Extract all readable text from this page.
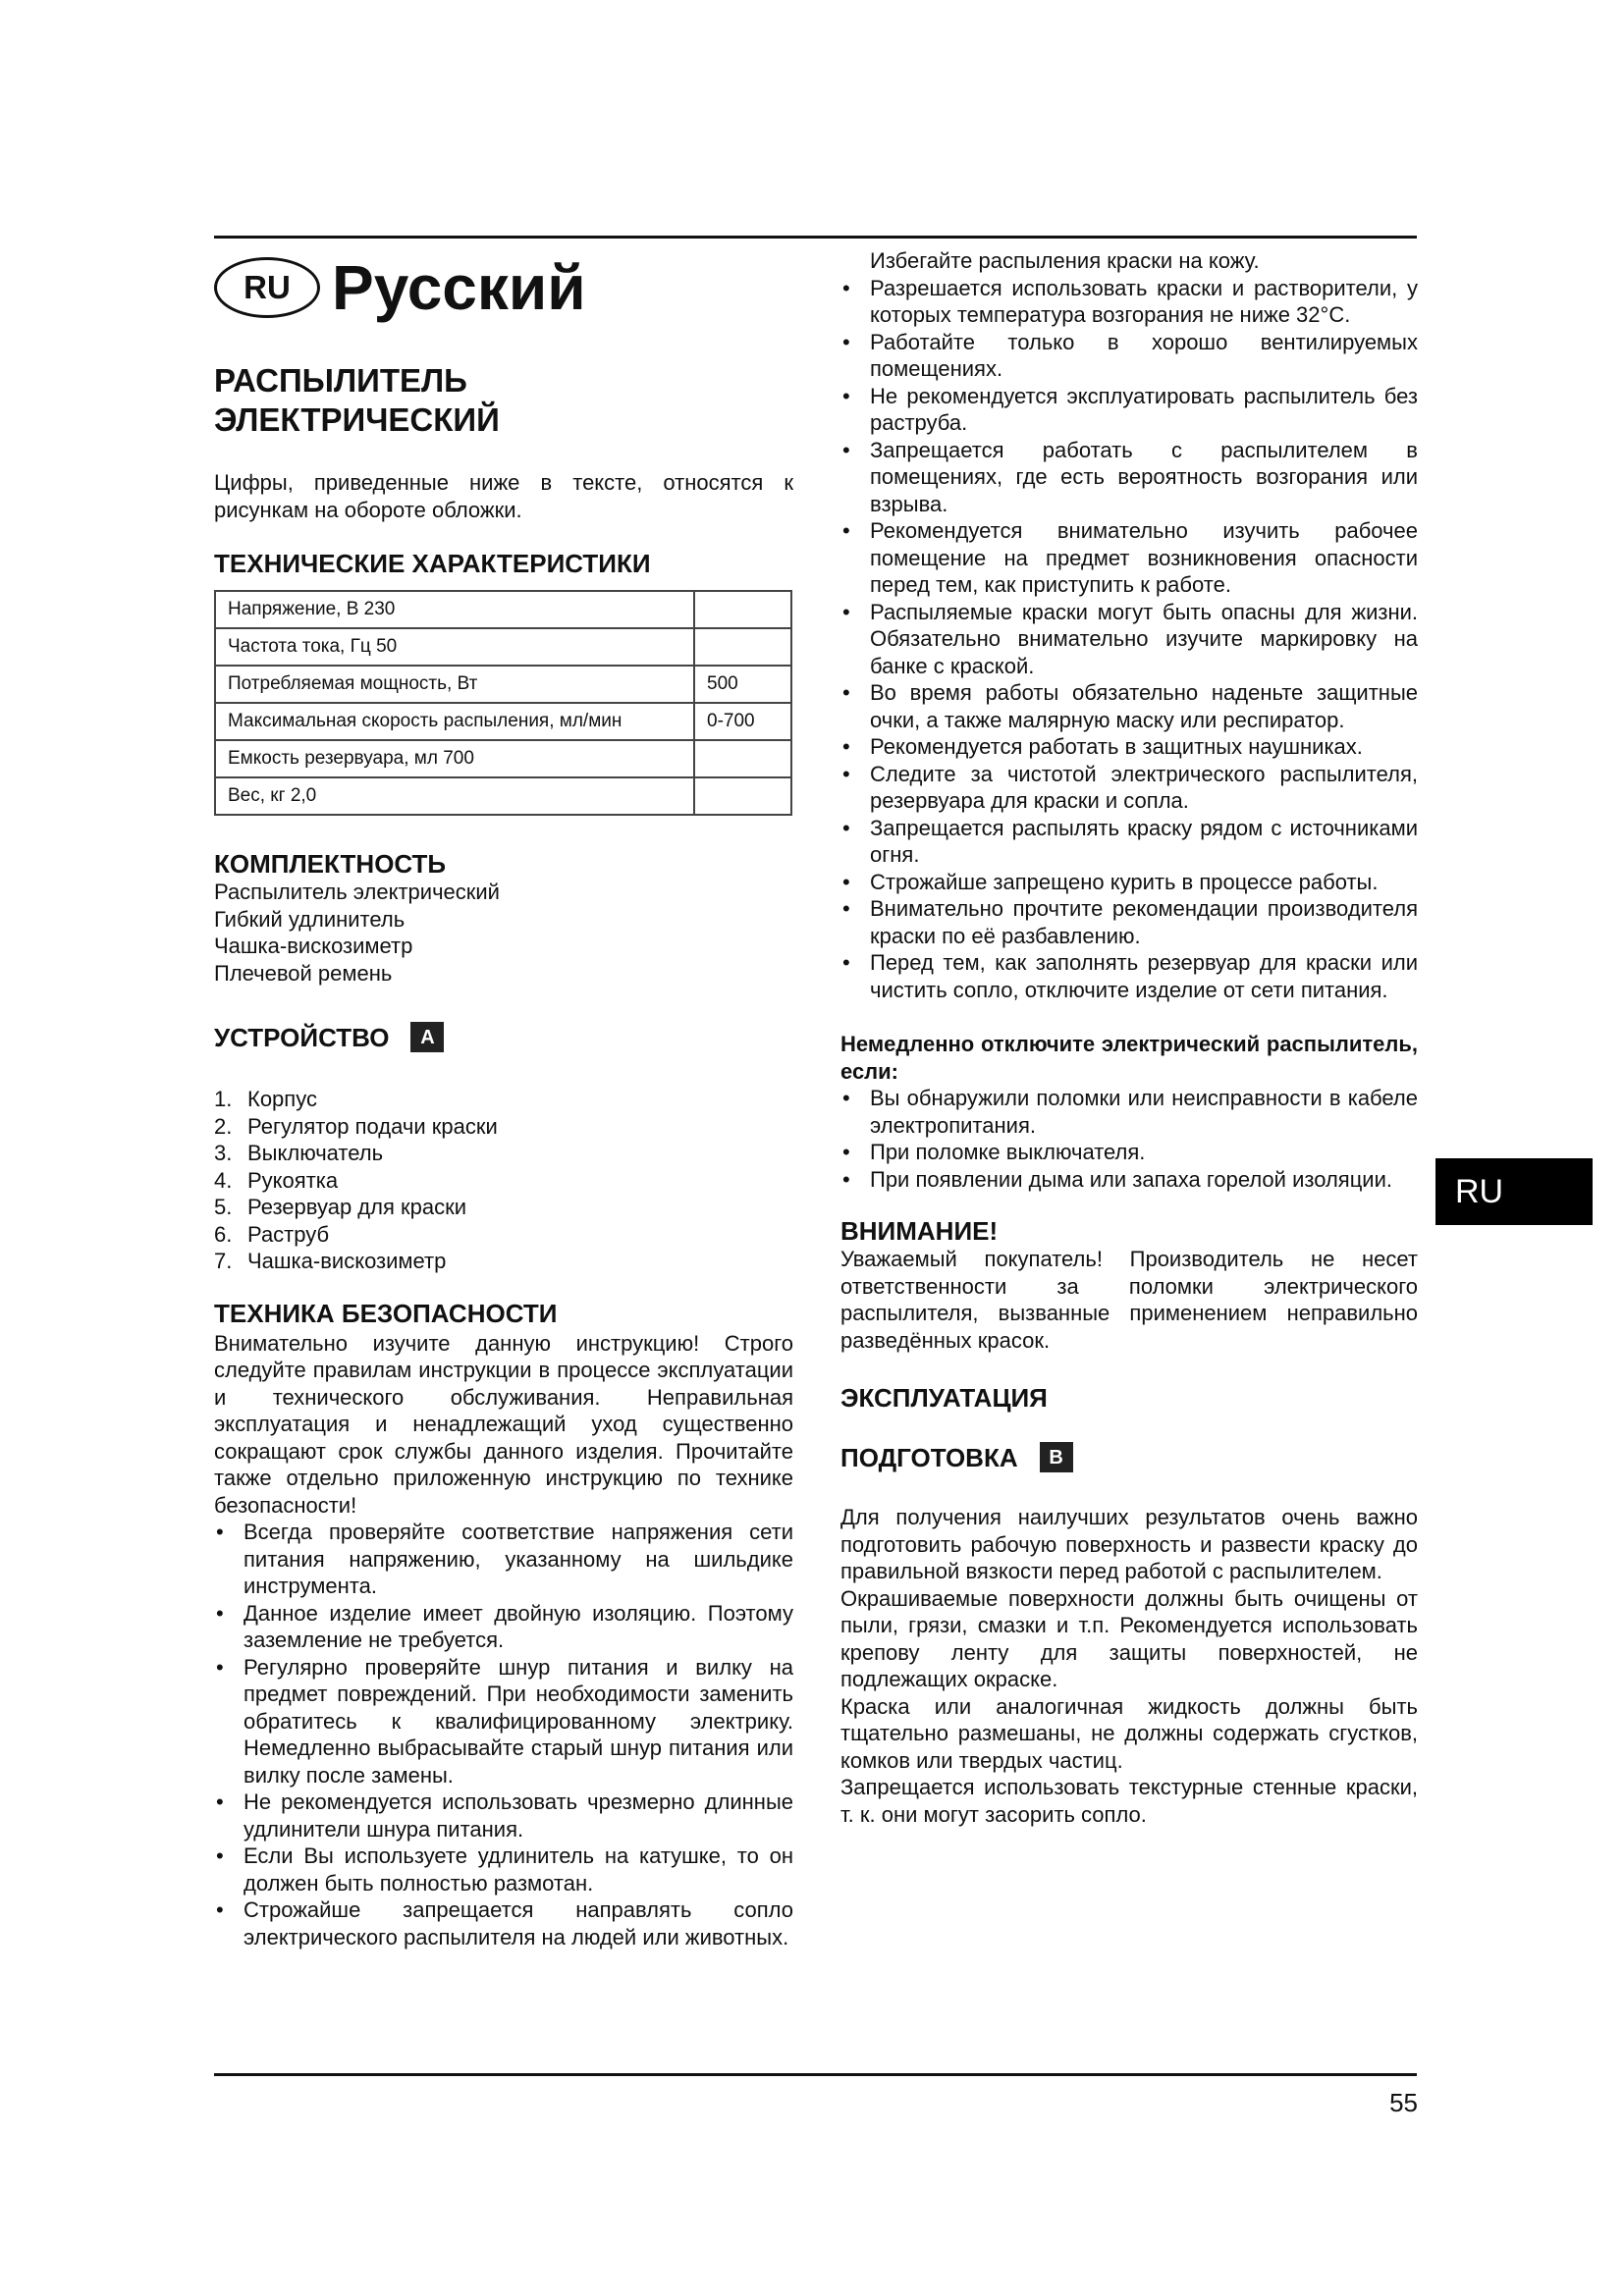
RU Русский
РАСПЫЛИТЕЛЬ
ЭЛЕКТРИЧЕСКИЙ

Цифры, приведенные ниже в тексте, относятся к рисункам на обороте обложки.

ТЕХНИЧЕСКИЕ ХАРАКТЕРИСТИКИ
Напряжение, В 230	
Частота тока, Гц 50	
Потребляемая мощность, Вт	500
Максимальная скорость распыления, мл/мин	0-700
Емкость резервуара, мл 700	
Вес, кг 2,0	
КОМПЛЕКТНОСТЬ
Распылитель электрический
Гибкий удлинитель
Чашка-вискозиметр
Плечевой ремень
УСТРОЙСТВО	A
1. Корпус
2. Регулятор подачи краски
3. Выключатель
4. Рукоятка
5. Резервуар для краски
6. Раструб
7. Чашка-вискозиметр
ТЕХНИКА БЕЗОПАСНОСТИ

Внимательно изучите данную инструкцию! Строго следуйте правилам инструкции в процессе эксплуатации и технического обслуживания. Неправильная эксплуатация и ненадлежащий уход существенно сокращают срок службы данного изделия. Прочитайте также отдельно приложенную инструкцию по технике безопасности!

• Всегда проверяйте соответствие напряжения сети питания напряжению, указанному на шильдике инструмента.
• Данное изделие имеет двойную изоляцию. Поэтому заземление не требуется.
• Регулярно проверяйте шнур питания и вилку на предмет повреждений. При необходимости заменить обратитесь к квалифицированному электрику. Немедленно выбрасывайте старый шнур питания или вилку после замены.
• Не рекомендуется использовать чрезмерно длинные удлинители шнура питания.
• Если Вы используете удлинитель на катушке, то он должен быть полностью размотан.
• Строжайше запрещается направлять сопло электрического распылителя на людей или животных.
Избегайте распыления краски на кожу.
• Разрешается использовать краски и растворители, у которых температура возгорания не ниже 32°C.
• Работайте только в хорошо вентилируемых помещениях.
• Не рекомендуется эксплуатировать распылитель без раструба.
• Запрещается работать с распылителем в помещениях, где есть вероятность возгорания или взрыва.
• Рекомендуется внимательно изучить рабочее помещение на предмет возникновения опасности перед тем, как приступить к работе.
• Распыляемые краски могут быть опасны для жизни. Обязательно внимательно изучите маркировку на банке с краской.
• Во время работы обязательно наденьте защитные очки, а также малярную маску или респиратор.
• Рекомендуется работать в защитных наушниках.
• Следите за чистотой электрического распылителя, резервуара для краски и сопла.
• Запрещается распылять краску рядом с источниками огня.
• Строжайше запрещено курить в процессе работы.
• Внимательно прочтите рекомендации производителя краски по её разбавлению.
• Перед тем, как заполнять резервуар для краски или чистить сопло, отключите изделие от сети питания.
Немедленно отключите электрический распылитель, если:
• Вы обнаружили поломки или неисправности в кабеле электропитания.
• При поломке выключателя.
• При появлении дыма или запаха горелой изоляции.
ВНИМАНИЕ!

Уважаемый покупатель! Производитель не несет ответственности за поломки электрического распылителя, вызванные применением неправильно разведённых красок.

ЭКСПЛУАТАЦИЯ
ПОДГОТОВКА	B

Для получения наилучших результатов очень важно подготовить рабочую поверхность и развести краску до правильной вязкости перед работой с распылителем.

Окрашиваемые поверхности должны быть очищены от пыли, грязи, смазки и т.п. Рекомендуется использовать крепову ленту для защиты поверхностей, не подлежащих окраске.

Краска или аналогичная жидкость должны быть тщательно размешаны, не должны содержать сгустков, комков или твердых частиц.

Запрещается использовать текстурные стенные краски, т. к. они могут засорить сопло.

RU
55
